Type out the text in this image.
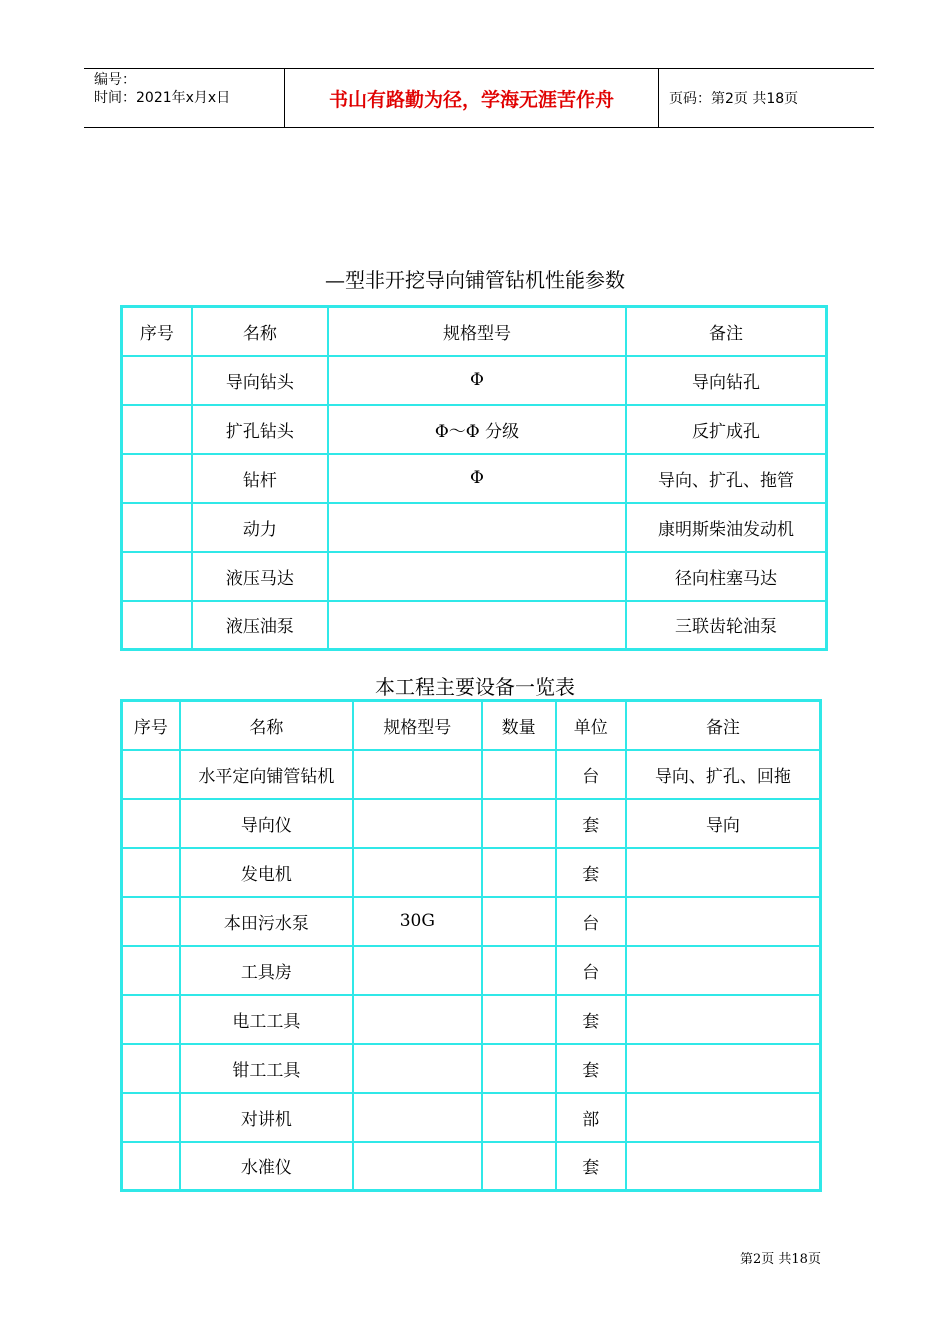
编号：
时间：2021年x月x日	书山有路勤为径，学海无涯苦作舟	页码：第2页 共18页
—型非开挖导向铺管钻机性能参数
序号	名称	规格型号	备注
	导向钻头	Φ	导向钻孔
	扩孔钻头	Φ～Φ 分级	反扩成孔
	钻杆	Φ	导向、扩孔、拖管
	动力		康明斯柴油发动机
	液压马达		径向柱塞马达
	液压油泵		三联齿轮油泵
本工程主要设备一览表
序号	名称	规格型号	数量	单位	备注
	水平定向铺管钻机			台	导向、扩孔、回拖
	导向仪			套	导向
	发电机			套	
	本田污水泵	30G		台	
	工具房			台	
	电工工具			套	
	钳工工具			套	
	对讲机			部	
	水准仪			套	
第2页 共18页
